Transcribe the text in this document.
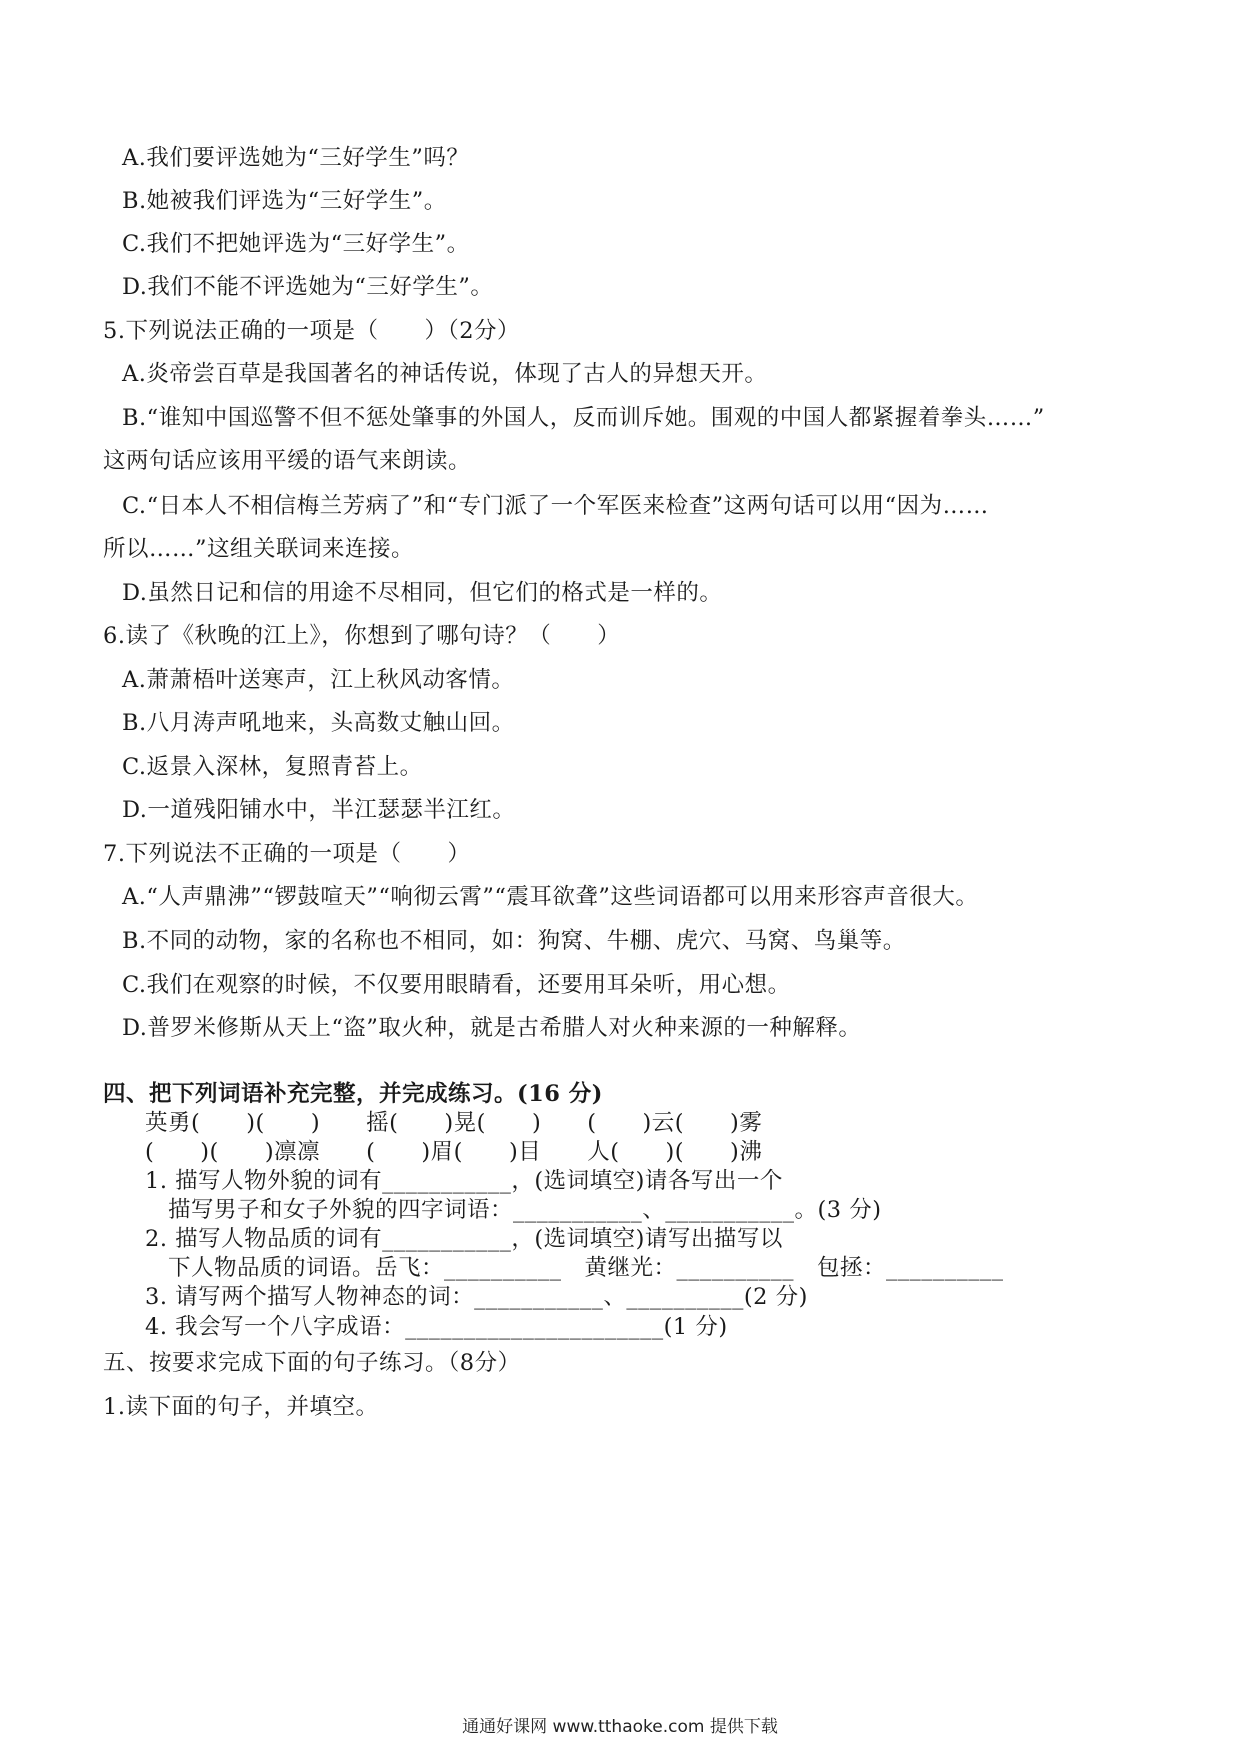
A.我们要评选她为“三好学生”吗？
B.她被我们评选为“三好学生”。
C.我们不把她评选为“三好学生”。
D.我们不能不评选她为“三好学生”。
5.下列说法正确的一项是（　　）（2分）
A.炎帝尝百草是我国著名的神话传说，体现了古人的异想天开。
B.“谁知中国巡警不但不惩处肇事的外国人，反而训斥她。围观的中国人都紧握着拳头……”
这两句话应该用平缓的语气来朗读。
C.“日本人不相信梅兰芳病了”和“专门派了一个军医来检查”这两句话可以用“因为……
所以……”这组关联词来连接。
D.虽然日记和信的用途不尽相同，但它们的格式是一样的。
6.读了《秋晚的江上》，你想到了哪句诗？（　　）
A.萧萧梧叶送寒声，江上秋风动客情。
B.八月涛声吼地来，头高数丈触山回。
C.返景入深林，复照青苔上。
D.一道残阳铺水中，半江瑟瑟半江红。
7.下列说法不正确的一项是（　　）
A.“人声鼎沸”“锣鼓喧天”“响彻云霄”“震耳欲聋”这些词语都可以用来形容声音很大。
B.不同的动物，家的名称也不相同，如：狗窝、牛棚、虎穴、马窝、鸟巢等。
C.我们在观察的时候，不仅要用眼睛看，还要用耳朵听，用心想。
D.普罗米修斯从天上“盗”取火种，就是古希腊人对火种来源的一种解释。
四、把下列词语补充完整，并完成练习。(16 分)
英勇(　　)(　　)　　摇(　　)晃(　　)　　(　　)云(　　)雾
(　　)(　　)凛凛　　(　　)眉(　　)目　　人(　　)(　　)沸
1. 描写人物外貌的词有___________，(选词填空)请各写出一个
描写男子和女子外貌的四字词语：___________、___________。(3 分)
2. 描写人物品质的词有___________，(选词填空)请写出描写以
下人物品质的词语。岳飞：__________　黄继光：__________　包拯：__________
3. 请写两个描写人物神态的词：___________、__________(2 分)
4. 我会写一个八字成语：______________________(1 分)
五、按要求完成下面的句子练习。（8分）
1.读下面的句子，并填空。
通通好课网 www.tthaoke.com 提供下载
